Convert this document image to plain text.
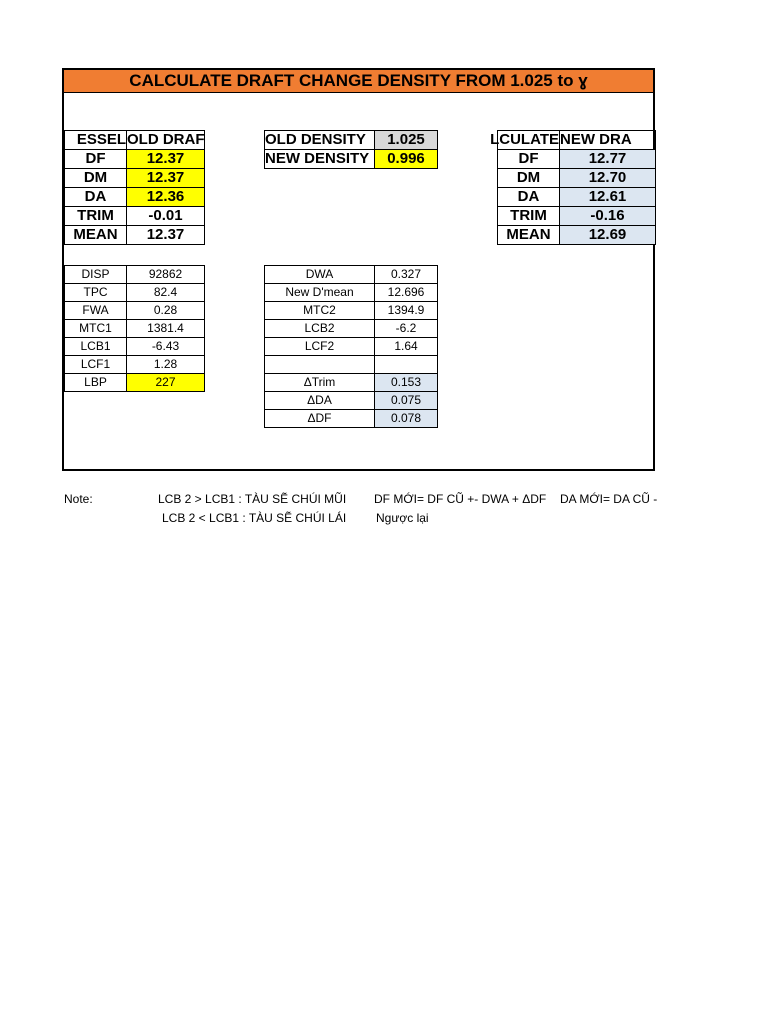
CALCULATE DRAFT CHANGE DENSITY FROM 1.025 to ɣ
ESSEL	OLD DRAF
DF	12.37
DM	12.37
DA	12.36
TRIM	-0.01
MEAN	12.37
OLD DENSITY	1.025
NEW DENSITY	0.996
LCULATE	NEW DRA
DF	12.77
DM	12.70
DA	12.61
TRIM	-0.16
MEAN	12.69
DISP	92862
TPC	82.4
FWA	0.28
MTC1	1381.4
LCB1	-6.43
LCF1	1.28
LBP	227
DWA	0.327
New D'mean	12.696
MTC2	1394.9
LCB2	-6.2
LCF2	1.64

ΔTrim	0.153
ΔDA	0.075
ΔDF	0.078
Note:	LCB 2 > LCB1 : TÀU SẼ CHÚI MŨI
LCB 2 < LCB1 : TÀU SẼ CHÚI LÁI
DF MỚI= DF CŨ +- DWA + ΔDF
Ngược lại
DA MỚI= DA CŨ -
